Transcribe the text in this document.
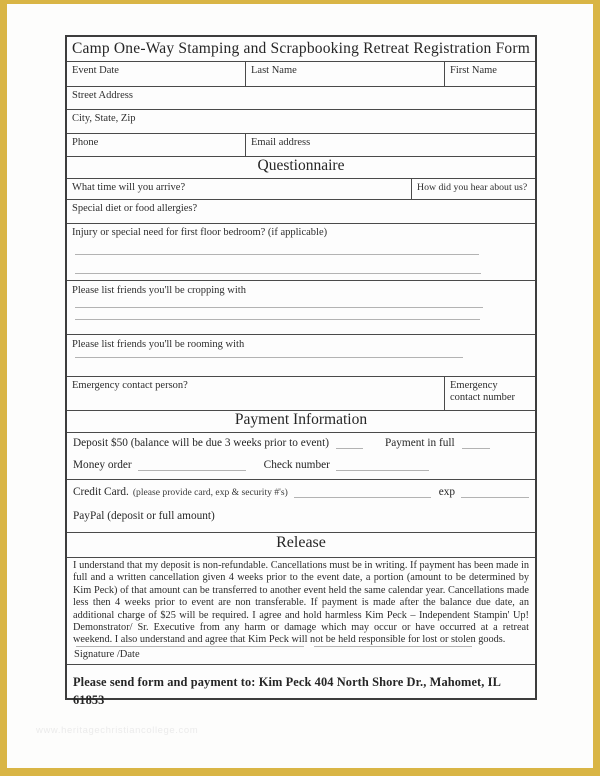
Camp One-Way Stamping and Scrapbooking Retreat Registration Form
Event Date	Last Name	First Name
Street Address
City, State, Zip
Phone	Email address
Questionnaire
What time will you arrive?	How did you hear about us?
Special diet or food allergies?
Injury or special need for first floor bedroom? (if applicable)
Please list friends you'll be cropping with
Please list friends you'll be rooming with
Emergency contact person?	Emergency contact number
Payment Information
Deposit $50 (balance will be due 3 weeks prior to event)	Payment in full
Money order	Check number
Credit Card. (please provide card, exp & security #'s)	exp
PayPal (deposit or full amount)
Release

I understand that my deposit is non-refundable. Cancellations must be in writing. If payment has been made in full and a written cancellation given 4 weeks prior to the event date, a portion (amount to be determined by Kim Peck) of that amount can be transferred to another event held the same calendar year. Cancellations made less then 4 weeks prior to event are non transferable. If payment is made after the balance due date, an additional charge of $25 will be required. I agree and hold harmless Kim Peck – Independent Stampin' Up! Demonstrator/ Sr. Executive from any harm or damage which may occur or have occurred at a retreat weekend. I also understand and agree that Kim Peck will not be held responsible for lost or stolen goods.

Signature /Date
Please send form and payment to: Kim Peck 404 North Shore Dr., Mahomet, IL 61853
www.heritagechristiancollege.com
